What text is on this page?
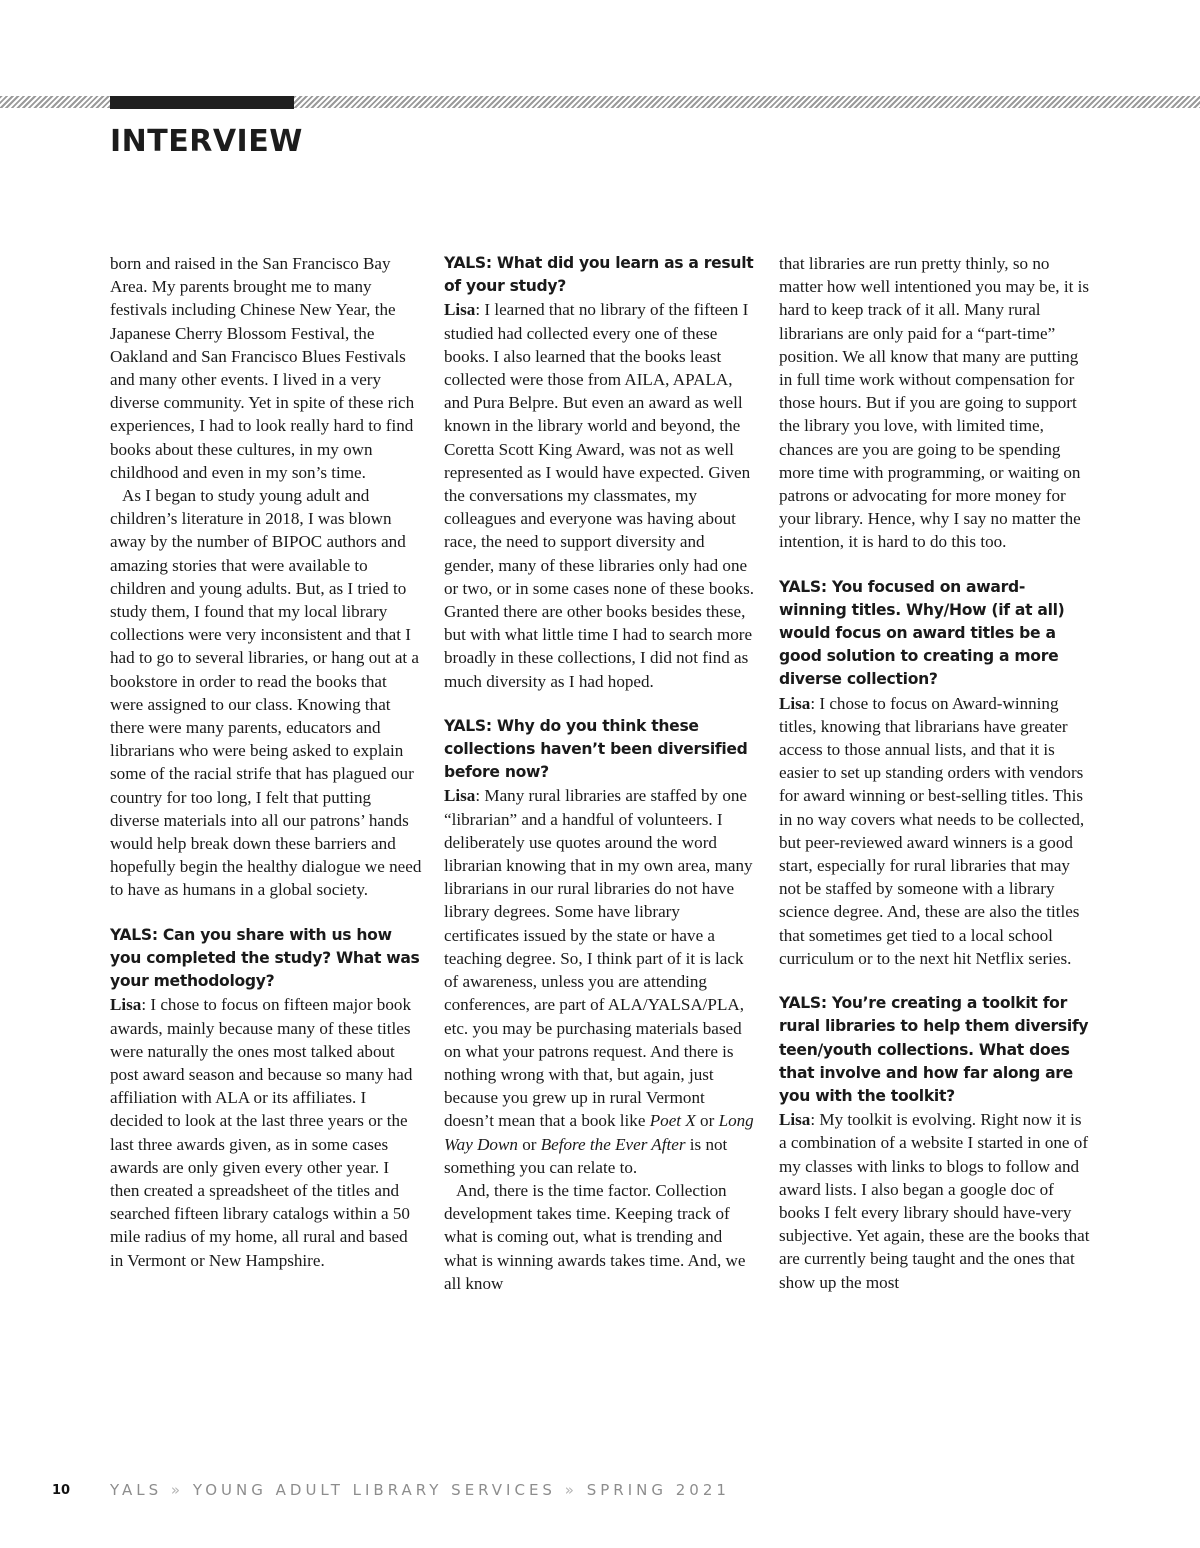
INTERVIEW

born and raised in the San Francisco Bay Area. My parents brought me to many festivals including Chinese New Year, the Japanese Cherry Blossom Festival, the Oakland and San Francisco Blues Festivals and many other events. I lived in a very diverse community. Yet in spite of these rich experiences, I had to look really hard to find books about these cultures, in my own childhood and even in my son’s time.

As I began to study young adult and children’s literature in 2018, I was blown away by the number of BIPOC authors and amazing stories that were available to children and young adults. But, as I tried to study them, I found that my local library collections were very inconsistent and that I had to go to several libraries, or hang out at a bookstore in order to read the books that were assigned to our class. Knowing that there were many parents, educators and librarians who were being asked to explain some of the racial strife that has plagued our country for too long, I felt that putting diverse materials into all our patrons’ hands would help break down these barriers and hopefully begin the healthy dialogue we need to have as humans in a global society.

YALS: Can you share with us how you completed the study? What was your methodology?

Lisa: I chose to focus on fifteen major book awards, mainly because many of these titles were naturally the ones most talked about post award season and because so many had affiliation with ALA or its affiliates. I decided to look at the last three years or the last three awards given, as in some cases awards are only given every other year. I then created a spreadsheet of the titles and searched fifteen library catalogs within a 50 mile radius of my home, all rural and based in Vermont or New Hampshire.

YALS: What did you learn as a result of your study?

Lisa: I learned that no library of the fifteen I studied had collected every one of these books. I also learned that the books least collected were those from AILA, APALA, and Pura Belpre. But even an award as well known in the library world and beyond, the Coretta Scott King Award, was not as well represented as I would have expected. Given the conversations my classmates, my colleagues and everyone was having about race, the need to support diversity and gender, many of these libraries only had one or two, or in some cases none of these books. Granted there are other books besides these, but with what little time I had to search more broadly in these collections, I did not find as much diversity as I had hoped.

YALS: Why do you think these collections haven’t been diversified before now?

Lisa: Many rural libraries are staffed by one “librarian” and a handful of volunteers. I deliberately use quotes around the word librarian knowing that in my own area, many librarians in our rural libraries do not have library degrees. Some have library certificates issued by the state or have a teaching degree. So, I think part of it is lack of awareness, unless you are attending conferences, are part of ALA/YALSA/PLA, etc. you may be purchasing materials based on what your patrons request. And there is nothing wrong with that, but again, just because you grew up in rural Vermont doesn’t mean that a book like Poet X or Long Way Down or Before the Ever After is not something you can relate to.

And, there is the time factor. Collection development takes time. Keeping track of what is coming out, what is trending and what is winning awards takes time. And, we all know

that libraries are run pretty thinly, so no matter how well intentioned you may be, it is hard to keep track of it all. Many rural librarians are only paid for a “part-time” position. We all know that many are putting in full time work without compensation for those hours. But if you are going to support the library you love, with limited time, chances are you are going to be spending more time with programming, or waiting on patrons or advocating for more money for your library. Hence, why I say no matter the intention, it is hard to do this too.

YALS: You focused on award-winning titles. Why/How (if at all) would focus on award titles be a good solution to creating a more diverse collection?

Lisa: I chose to focus on Award-winning titles, knowing that librarians have greater access to those annual lists, and that it is easier to set up standing orders with vendors for award winning or best-selling titles. This in no way covers what needs to be collected, but peer-reviewed award winners is a good start, especially for rural libraries that may not be staffed by someone with a library science degree. And, these are also the titles that sometimes get tied to a local school curriculum or to the next hit Netflix series.

YALS: You’re creating a toolkit for rural libraries to help them diversify teen/youth collections. What does that involve and how far along are you with the toolkit?

Lisa: My toolkit is evolving. Right now it is a combination of a website I started in one of my classes with links to blogs to follow and award lists. I also began a google doc of books I felt every library should have-very subjective. Yet again, these are the books that are currently being taught and the ones that show up the most

10	YALS » YOUNG ADULT LIBRARY SERVICES » SPRING 2021
